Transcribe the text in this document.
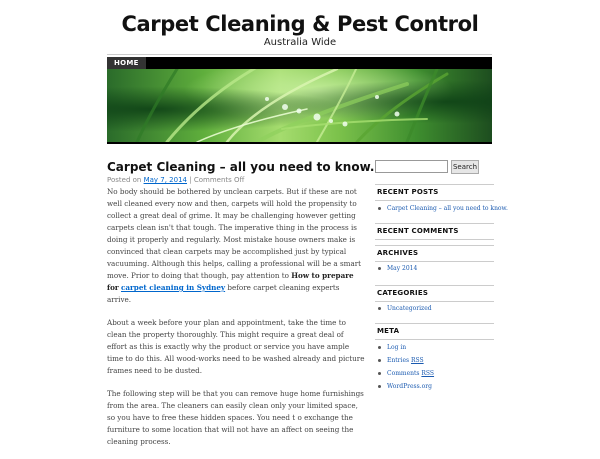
Carpet Cleaning & Pest Control
Australia Wide
HOME
Carpet Cleaning – all you need to know.
Posted on May 7, 2014 | Comments Off

No body should be bothered by unclean carpets. But if these are not well cleaned every now and then, carpets will hold the propensity to collect a great deal of grime. It may be challenging however getting carpets clean isn't that tough. The imperative thing in the process is doing it properly and regularly. Most mistake house owners make is convinced that clean carpets may be accomplished just by typical vacuuming. Although this helps, calling a professional will be a smart move. Prior to doing that though, pay attention to How to prepare for carpet cleaning in Sydney before carpet cleaning experts arrive.

About a week before your plan and appointment, take the time to clean the property thoroughly. This might require a great deal of effort as this is exactly why the product or service you have ample time to do this. All wood-works need to be washed already and picture frames need to be dusted.

The following step will be that you can remove huge home furnishings from the area. The cleaners can easily clean only your limited space, so you have to free these hidden spaces. You need t o exchange the furniture to some location that will not have an affect on seeing the cleaning process.

Search
RECENT POSTS
Carpet Cleaning – all you need to know.
RECENT COMMENTS
ARCHIVES
May 2014
CATEGORIES
Uncategorized
META
Log in
Entries RSS
Comments RSS
WordPress.org
